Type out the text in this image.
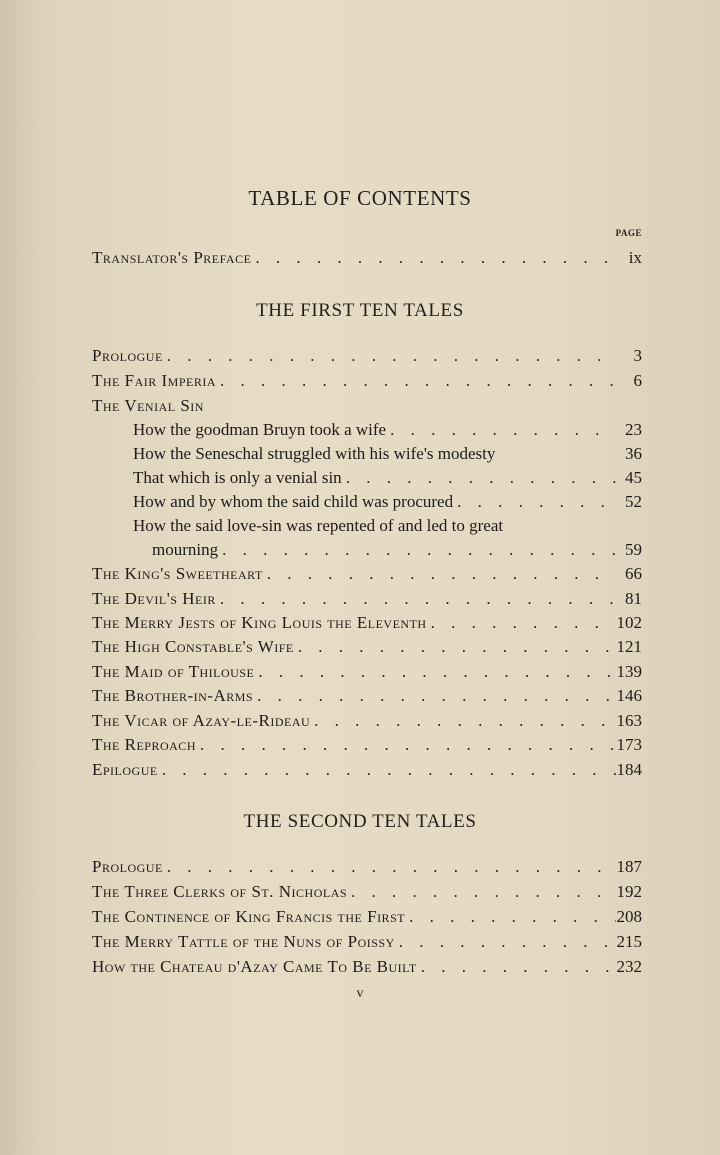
TABLE OF CONTENTS
PAGE
Translator's Preface . . .	ix
THE FIRST TEN TALES
Prologue . . .	3
The Fair Imperia . . .	6
The Venial Sin
How the goodman Bruyn took a wife . . .	23
How the Seneschal struggled with his wife's modesty	36
That which is only a venial sin . . .	45
How and by whom the said child was procured . . .	52
How the said love-sin was repented of and led to great
mourning . . .	59
The King's Sweetheart . . .	66
The Devil's Heir . . .	81
The Merry Jests of King Louis the Eleventh . . .	102
The High Constable's Wife . . .	121
The Maid of Thilouse . . .	139
The Brother-in-Arms . . .	146
The Vicar of Azay-le-Rideau . . .	163
The Reproach . . .	173
Epilogue . . .	184
THE SECOND TEN TALES
Prologue . . .	187
The Three Clerks of St. Nicholas . . .	192
The Continence of King Francis the First . . .	208
The Merry Tattle of the Nuns of Poissy . . .	215
How the Chateau d'Azay Came To Be Built . . .	232
v
